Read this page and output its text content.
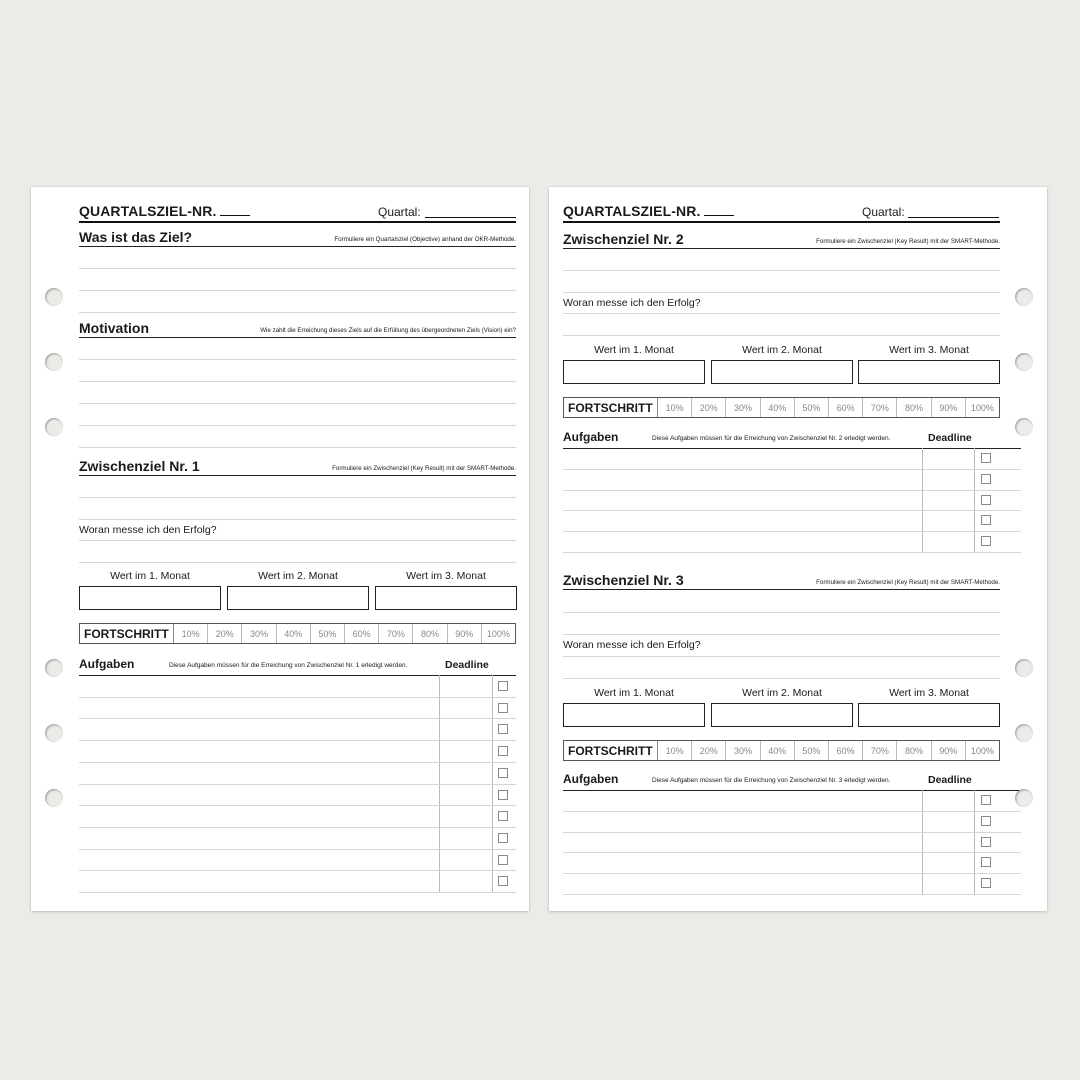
QUARTALSZIEL-NR.	Quartal:
Was ist das Ziel?	Formuliere ein Quartalsziel (Objective) anhand der OKR-Methode.
Motivation	Wie zahlt die Erreichung dieses Ziels auf die Erfüllung des übergeordneten Ziels (Vision) ein?
Zwischenziel Nr. 1	Formuliere ein Zwischenziel (Key Result) mit der SMART-Methode.
Woran messe ich den Erfolg?
Wert im 1. Monat	Wert im 2. Monat	Wert im 3. Monat
FORTSCHRITT	10%	20%	30%	40%	50%	60%	70%	80%	90%	100%
Aufgaben	Diese Aufgaben müssen für die Erreichung von Zwischenziel Nr. 1 erledigt werden.	Deadline
QUARTALSZIEL-NR.	Quartal:
Zwischenziel Nr. 2	Formuliere ein Zwischenziel (Key Result) mit der SMART-Methode.
Woran messe ich den Erfolg?
Wert im 1. Monat	Wert im 2. Monat	Wert im 3. Monat
FORTSCHRITT	10%	20%	30%	40%	50%	60%	70%	80%	90%	100%
Aufgaben	Diese Aufgaben müssen für die Erreichung von Zwischenziel Nr. 2 erledigt werden.	Deadline
Zwischenziel Nr. 3	Formuliere ein Zwischenziel (Key Result) mit der SMART-Methode.
Woran messe ich den Erfolg?
Wert im 1. Monat	Wert im 2. Monat	Wert im 3. Monat
FORTSCHRITT	10%	20%	30%	40%	50%	60%	70%	80%	90%	100%
Aufgaben	Diese Aufgaben müssen für die Erreichung von Zwischenziel Nr. 3 erledigt werden.	Deadline
